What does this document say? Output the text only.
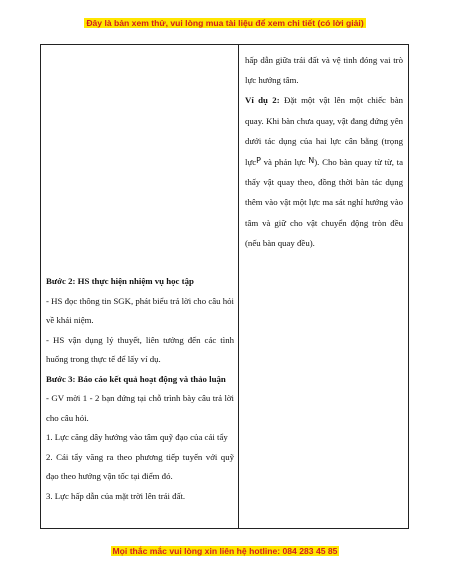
Đây là bản xem thử, vui lòng mua tài liệu để xem chi tiết (có lời giải)

Bước 2: HS thực hiện nhiệm vụ học tập

- HS đọc thông tin SGK, phát biểu trả lời cho câu hỏi về khái niệm.

- HS vận dụng lý thuyết, liên tưởng đến các tình huống trong thực tế để lấy ví dụ.

Bước 3: Báo cáo kết quả hoạt động và thảo luận

- GV mời 1 - 2 bạn đứng tại chỗ trình bày câu trả lời cho câu hỏi.

1. Lực căng dây hướng vào tâm quỹ đạo của cái tẩy

2. Cái tẩy văng ra theo phương tiếp tuyến với quỹ đạo theo hướng vận tốc tại điểm đó.

3. Lực hấp dẫn của mặt trời lên trái đất.

hấp dẫn giữa trái đất và vệ tinh đóng vai trò lực hướng tâm.

Ví dụ 2: Đặt một vật lên một chiếc bàn quay. Khi bàn chưa quay, vật đang đứng yên dưới tác dụng của hai lực cân bằng (trọng lựcP và phản lực N). Cho bàn quay từ từ, ta thấy vật quay theo, đồng thời bàn tác dụng thêm vào vật một lực ma sát nghỉ hướng vào tâm và giữ cho vật chuyển động tròn đều (nếu bàn quay đều).

Mọi thắc mắc vui lòng xin liên hệ hotline: 084 283 45 85
